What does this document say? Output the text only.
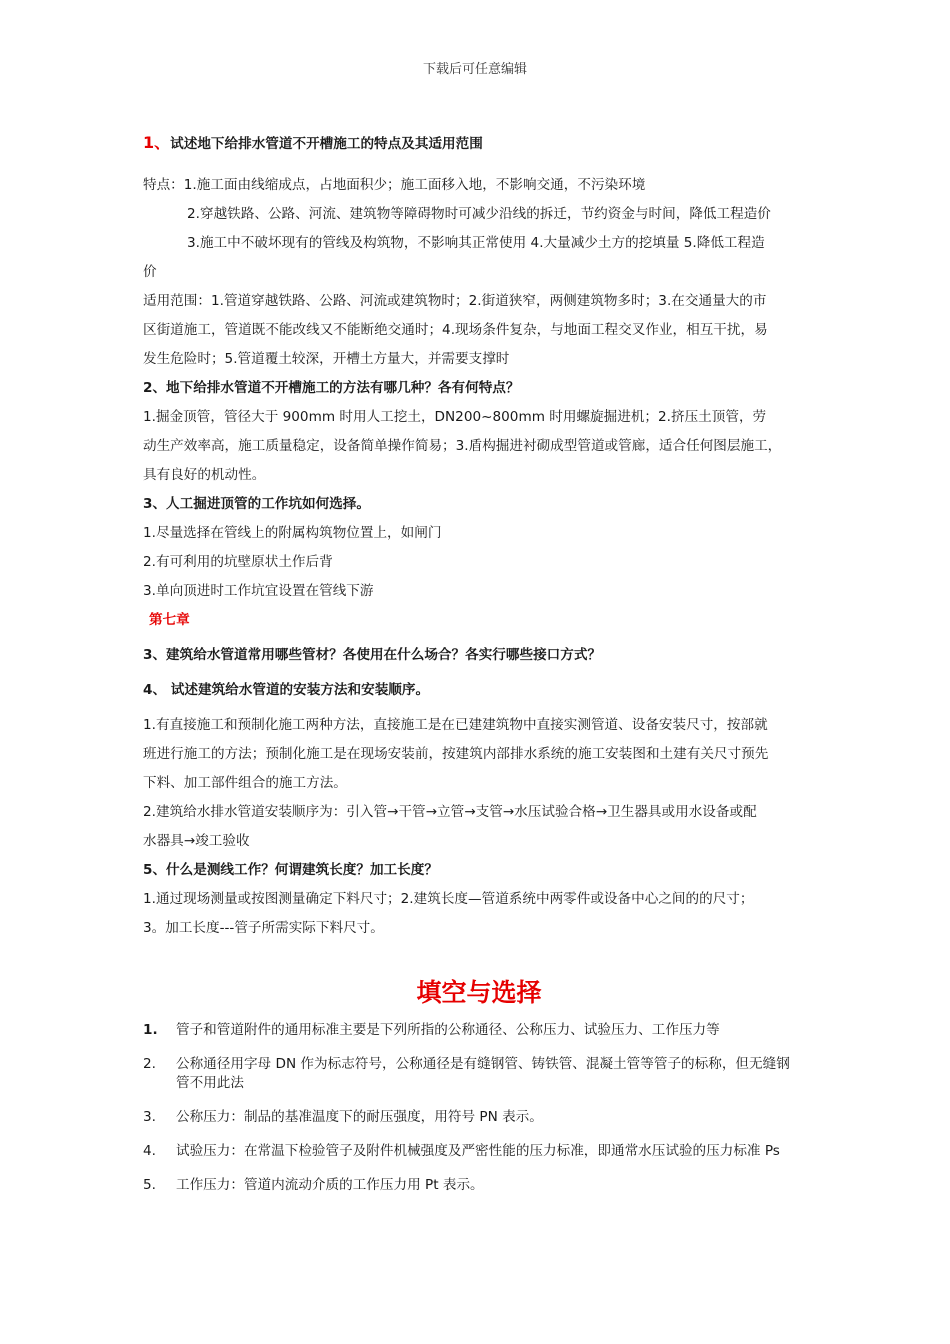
下载后可任意编辑
1、试述地下给排水管道不开槽施工的特点及其适用范围
特点：1.施工面由线缩成点，占地面积少；施工面移入地，不影响交通，不污染环境
2.穿越铁路、公路、河流、建筑物等障碍物时可减少沿线的拆迁，节约资金与时间，降低工程造价
3.施工中不破坏现有的管线及构筑物，不影响其正常使用 4.大量减少土方的挖填量 5.降低工程造
价
适用范围：1.管道穿越铁路、公路、河流或建筑物时；2.街道狭窄，两侧建筑物多时；3.在交通量大的市
区街道施工，管道既不能改线又不能断绝交通时；4.现场条件复杂，与地面工程交叉作业，相互干扰，易
发生危险时；5.管道覆土较深，开槽土方量大，并需要支撑时
2、地下给排水管道不开槽施工的方法有哪几种？各有何特点？
1.掘金顶管，管径大于 900mm 时用人工挖土，DN200~800mm 时用螺旋掘进机；2.挤压土顶管，劳
动生产效率高，施工质量稳定，设备简单操作简易；3.盾构掘进衬砌成型管道或管廊，适合任何图层施工，
具有良好的机动性。
3、人工掘进顶管的工作坑如何选择。
1.尽量选择在管线上的附属构筑物位置上，如闸门
2.有可利用的坑壁原状土作后背
3.单向顶进时工作坑宜设置在管线下游
第七章
3、建筑给水管道常用哪些管材？各使用在什么场合？各实行哪些接口方式？
4、 试述建筑给水管道的安装方法和安装顺序。
1.有直接施工和预制化施工两种方法，直接施工是在已建建筑物中直接实测管道、设备安装尺寸，按部就
班进行施工的方法；预制化施工是在现场安装前，按建筑内部排水系统的施工安装图和土建有关尺寸预先
下料、加工部件组合的施工方法。
2.建筑给水排水管道安装顺序为：引入管→干管→立管→支管→水压试验合格→卫生器具或用水设备或配
水器具→竣工验收
5、什么是测线工作？何谓建筑长度？加工长度？
1.通过现场测量或按图测量确定下料尺寸；2.建筑长度—管道系统中两零件或设备中心之间的的尺寸；
3。加工长度---管子所需实际下料尺寸。
填空与选择
1.	管子和管道附件的通用标准主要是下列所指的公称通径、公称压力、试验压力、工作压力等
2.	公称通径用字母 DN 作为标志符号，公称通径是有缝钢管、铸铁管、混凝土管等管子的标称，但无缝钢管不用此法
3.	公称压力：制品的基准温度下的耐压强度，用符号 PN 表示。
4.	试验压力：在常温下检验管子及附件机械强度及严密性能的压力标准，即通常水压试验的压力标准 Ps
5.	工作压力：管道内流动介质的工作压力用 Pt 表示。
